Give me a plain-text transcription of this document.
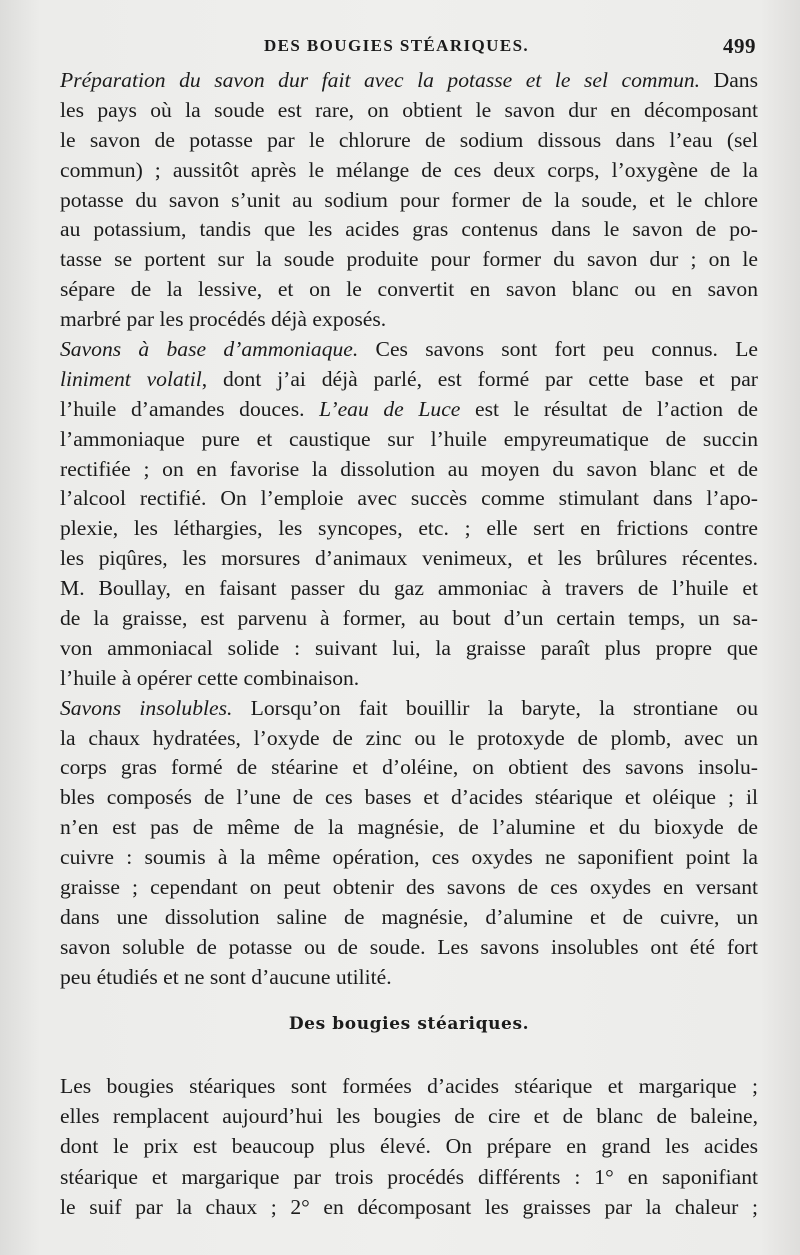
DES BOUGIES STÉARIQUES.	499
Préparation du savon dur fait avec la potasse et le sel commun. Dans
les pays où la soude est rare, on obtient le savon dur en décomposant
le savon de potasse par le chlorure de sodium dissous dans l’eau (sel
commun) ; aussitôt après le mélange de ces deux corps, l’oxygène de la
potasse du savon s’unit au sodium pour former de la soude, et le chlore
au potassium, tandis que les acides gras contenus dans le savon de po-
tasse se portent sur la soude produite pour former du savon dur ; on le
sépare de la lessive, et on le convertit en savon blanc ou en savon
marbré par les procédés déjà exposés.
Savons à base d’ammoniaque. Ces savons sont fort peu connus. Le
liniment volatil, dont j’ai déjà parlé, est formé par cette base et par
l’huile d’amandes douces. L’eau de Luce est le résultat de l’action de
l’ammoniaque pure et caustique sur l’huile empyreumatique de succin
rectifiée ; on en favorise la dissolution au moyen du savon blanc et de
l’alcool rectifié. On l’emploie avec succès comme stimulant dans l’apo-
plexie, les léthargies, les syncopes, etc. ; elle sert en frictions contre
les piqûres, les morsures d’animaux venimeux, et les brûlures récentes.
M. Boullay, en faisant passer du gaz ammoniac à travers de l’huile et
de la graisse, est parvenu à former, au bout d’un certain temps, un sa-
von ammoniacal solide : suivant lui, la graisse paraît plus propre que
l’huile à opérer cette combinaison.
Savons insolubles. Lorsqu’on fait bouillir la baryte, la strontiane ou
la chaux hydratées, l’oxyde de zinc ou le protoxyde de plomb, avec un
corps gras formé de stéarine et d’oléine, on obtient des savons insolu-
bles composés de l’une de ces bases et d’acides stéarique et oléique ; il
n’en est pas de même de la magnésie, de l’alumine et du bioxyde de
cuivre : soumis à la même opération, ces oxydes ne saponifient point la
graisse ; cependant on peut obtenir des savons de ces oxydes en versant
dans une dissolution saline de magnésie, d’alumine et de cuivre, un
savon soluble de potasse ou de soude. Les savons insolubles ont été fort
peu étudiés et ne sont d’aucune utilité.
Des bougies stéariques.
Les bougies stéariques sont formées d’acides stéarique et margarique ;
elles remplacent aujourd’hui les bougies de cire et de blanc de baleine,
dont le prix est beaucoup plus élevé. On prépare en grand les acides
stéarique et margarique par trois procédés différents : 1° en saponifiant
le suif par la chaux ; 2° en décomposant les graisses par la chaleur ;
